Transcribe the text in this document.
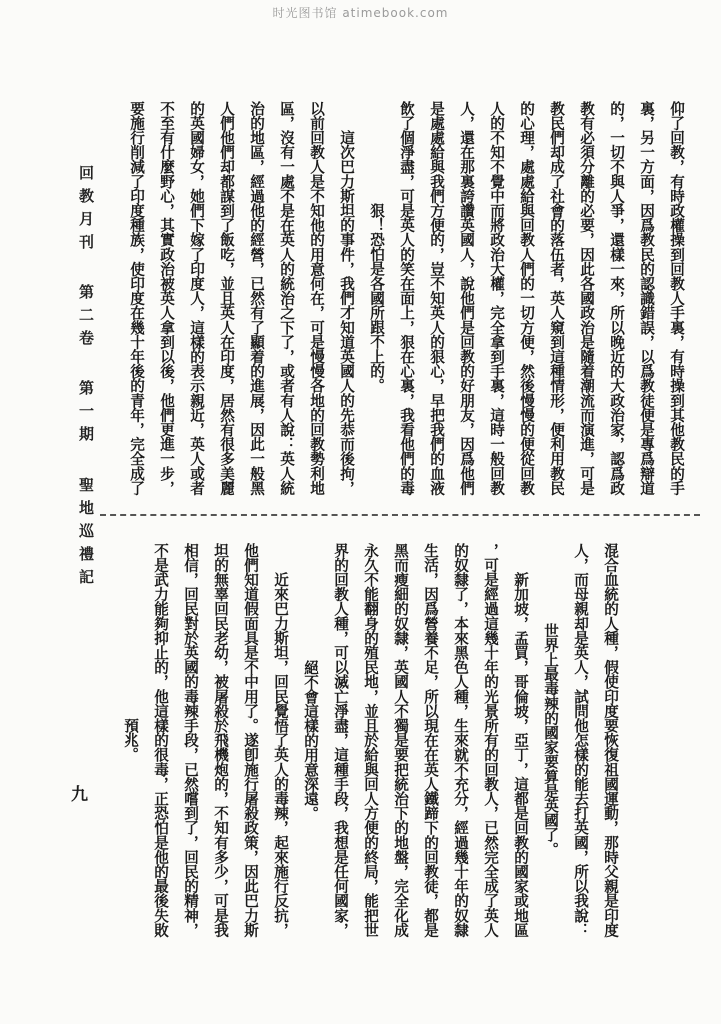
时光图书馆 atimebook.com
回教月刊 第二卷 第一期 聖地巡禮記
仰了回教，有時政權操到回教人手裏，有時操到其他教民的手
裏，另一方面，因爲教民的認識錯誤，以爲教徒便是專爲辯道
的，一切不與人爭，還樣一來，所以晚近的大政治家，認爲政
教有必須分離的必要，因此各國政治是隨着潮流而演進，可是
教民們却成了社會的落伍者，英人窺到這種情形，便利用教民
的心理，處處給與回教人們的一切方便，然後慢慢的便從回教
人的不知不覺中而將政治大權，完全拿到手裏，這時一般回教
人，還在那裏誇讚英國人，說他們是回教的好朋友，因爲他們
是處處給與我們方便的，豈不知英人的狠心，早把我們的血液
飲了個淨盡，可是英人的笑在面上，狠在心裏，我看他們的毒
狠！恐怕是各國所跟不上的。
　　這次巴力斯坦的事件，我們才知道英國人的先恭而後拘，
以前回教人是不知他的用意何在，可是慢慢各地的回教勢利地
區，沒有一處不是在英人的統治之下了，或者有人說：英人統
治的地區，經過他的經營，已然有了顯着的進展，因此一般黑
人們他們却都謀到了飯吃，並且英人在印度，居然有很多美麗
的英國婦女，她們下嫁了印度人，這樣的表示親近，英人或者
不至有什麼野心，其實政治被英人拿到以後，他們更進一步，
要施行削減了印度種族，使印度在幾十年後的青年，完全成了
混合血統的人種，假使印度要恢復祖國運動，那時父親是印度
人，而母親却是英人，試問他怎樣的能去打英國，所以我說：
世界上最毒辣的國家要算是英國了。
　　新加坡，孟買，哥倫坡，亞丁，這都是回教的國家或地區
，可是經過這幾十年的光景所有的回教人，已然完全成了英人
的奴隸了，本來黑色人種，生來就不充分，經過幾十年的奴隸
生活，因爲營養不足，所以現在在英人鐵蹄下的回教徒，都是
黑而瘦細的奴隸，英國人不獨是要把統治下的地盤，完全化成
永久不能翻身的殖民地，並且於給與回人方便的終局，能把世
界的回教人種，可以滅亡淨盡，這種手段，我想是任何國家，
絕不會這樣的用意深遠。
　　近來巴力斯坦，回民覺悟了英人的毒辣，起來施行反抗，
他們知道假面具是不中用了。遂卽施行屠殺政策，因此巴力斯
坦的無辜回民老幼，被屠殺於飛機炮的，不知有多少，可是我
相信，回民對於英國的毒辣手段，已然嚐到了，回民的精神，
不是武力能夠抑止的，他這樣的很毒，正恐怕是他的最後失敗
預兆。
九
